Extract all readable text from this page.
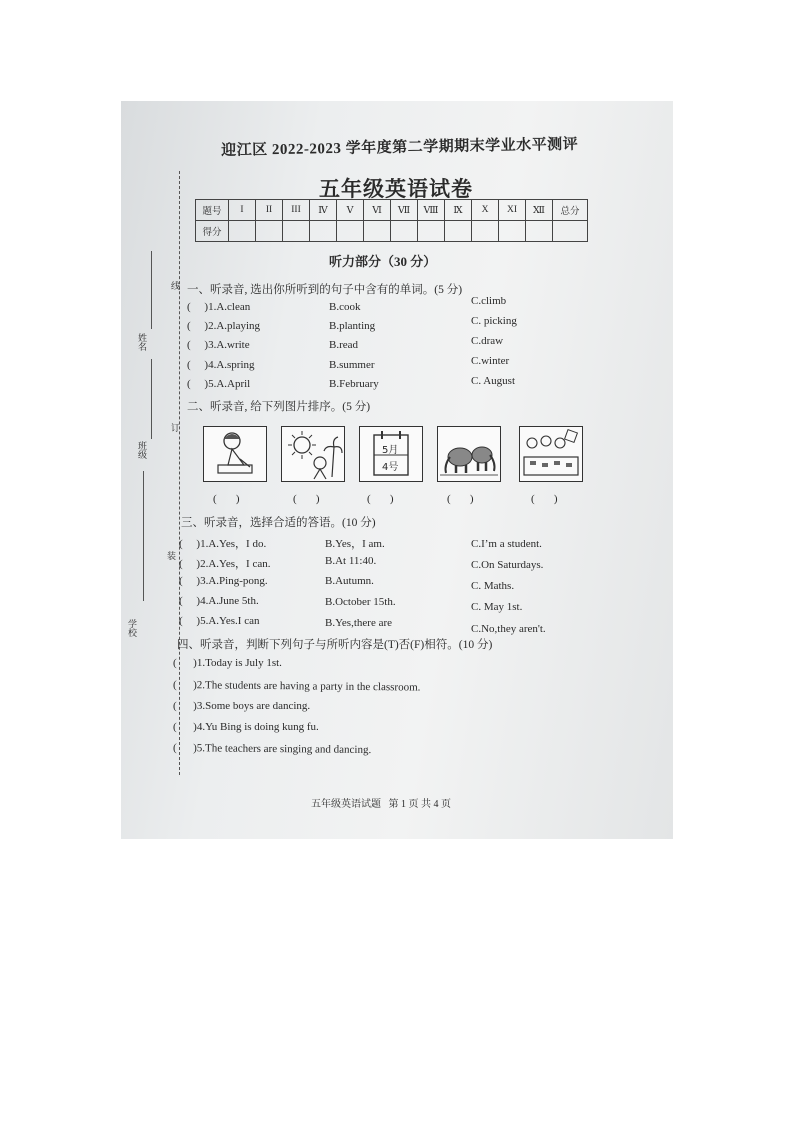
线
订
装
姓名
班级
学校
迎江区 2022-2023 学年度第二学期期末学业水平测评
五年级英语试卷
题号	I	II	III	Ⅳ	Ⅴ	Ⅵ	Ⅶ	Ⅷ	Ⅸ	X	XI	Ⅻ	总分
得分													
听力部分（30 分）
一、听录音, 选出你所听到的句子中含有的单词。(5 分)
(     )1.A.clean	B.cook	C.climb
(     )2.A.playing	B.planting	C. picking
(     )3.A.write	B.read	C.draw
(     )4.A.spring	B.summer	C.winter
(     )5.A.April	B.February	C. August
二、听录音, 给下列图片排序。(5 分)
5月
4号
(       )	(       )	(       )	(       )	(       )
三、听录音，选择合适的答语。(10 分)
(     )1.A.Yes，I do.	B.Yes，I am.	C.I’m a student.
(     )2.A.Yes，I can.	B.At 11:40.	C.On Saturdays.
(     )3.A.Ping-pong.	B.Autumn.	C. Maths.
(     )4.A.June 5th.	B.October 15th.	C. May 1st.
(     )5.A.Yes.I can	B.Yes,there are	C.No,they aren't.
四、听录音，判断下列句子与所听内容是(T)否(F)相符。(10 分)
(      )1.Today is July 1st.
(      )2.The students are having a party in the classroom.
(      )3.Some boys are dancing.
(      )4.Yu Bing is doing kung fu.
(      )5.The teachers are singing and dancing.
五年级英语试题   第 1 页 共 4 页
